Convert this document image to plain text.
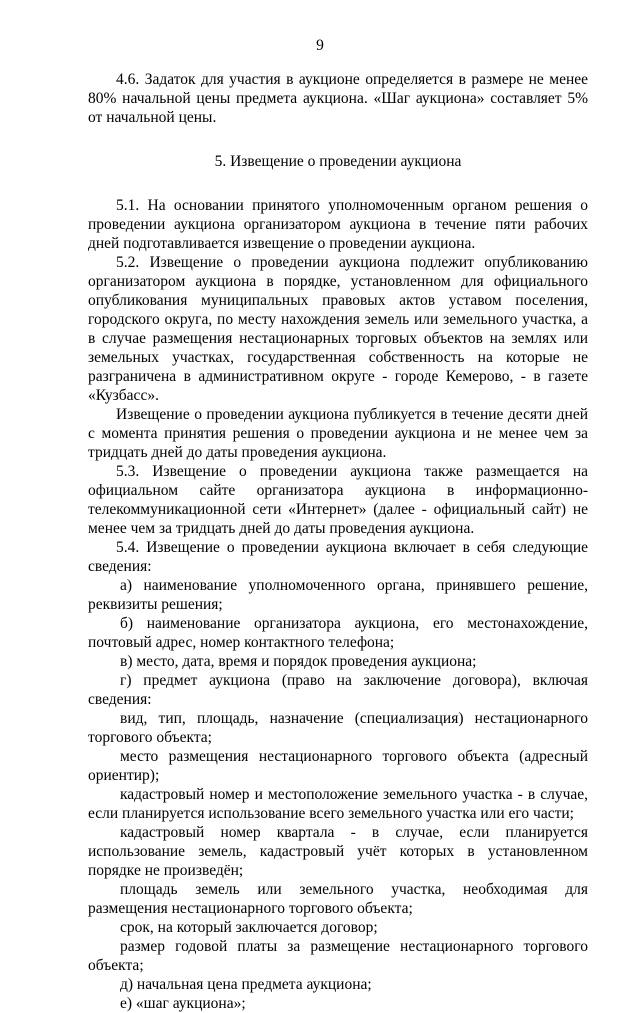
9

4.6. Задаток для участия в аукционе определяется в размере не менее 80% начальной цены предмета аукциона. «Шаг аукциона» составляет 5% от начальной цены.

5. Извещение о проведении аукциона

5.1. На основании принятого уполномоченным органом решения о проведении аукциона организатором аукциона в течение пяти рабочих дней подготавливается извещение о проведении аукциона.

5.2. Извещение о проведении аукциона подлежит опубликованию организатором аукциона в порядке, установленном для официального опубликования муниципальных правовых актов уставом поселения, городского округа, по месту нахождения земель или земельного участка, а в случае размещения нестационарных торговых объектов на землях или земельных участках, государственная собственность на которые не разграничена в административном округе - городе Кемерово, - в газете «Кузбасс».

Извещение о проведении аукциона публикуется в течение десяти дней с момента принятия решения о проведении аукциона и не менее чем за тридцать дней до даты проведения аукциона.

5.3. Извещение о проведении аукциона также размещается на официальном сайте организатора аукциона в информационно-телекоммуникационной сети «Интернет» (далее - официальный сайт) не менее чем за тридцать дней до даты проведения аукциона.

5.4. Извещение о проведении аукциона включает в себя следующие сведения:

а) наименование уполномоченного органа, принявшего решение, реквизиты решения;

б) наименование организатора аукциона, его местонахождение, почтовый адрес, номер контактного телефона;

в) место, дата, время и порядок проведения аукциона;

г) предмет аукциона (право на заключение договора), включая сведения:

вид, тип, площадь, назначение (специализация) нестационарного торгового объекта;

место размещения нестационарного торгового объекта (адресный ориентир);

кадастровый номер и местоположение земельного участка - в случае, если планируется использование всего земельного участка или его части;

кадастровый номер квартала - в случае, если планируется использование земель, кадастровый учёт которых в установленном порядке не произведён;

площадь земель или земельного участка, необходимая для размещения нестационарного торгового объекта;

срок, на который заключается договор;

размер годовой платы за размещение нестационарного торгового объекта;

д) начальная цена предмета аукциона;

е) «шаг аукциона»;
